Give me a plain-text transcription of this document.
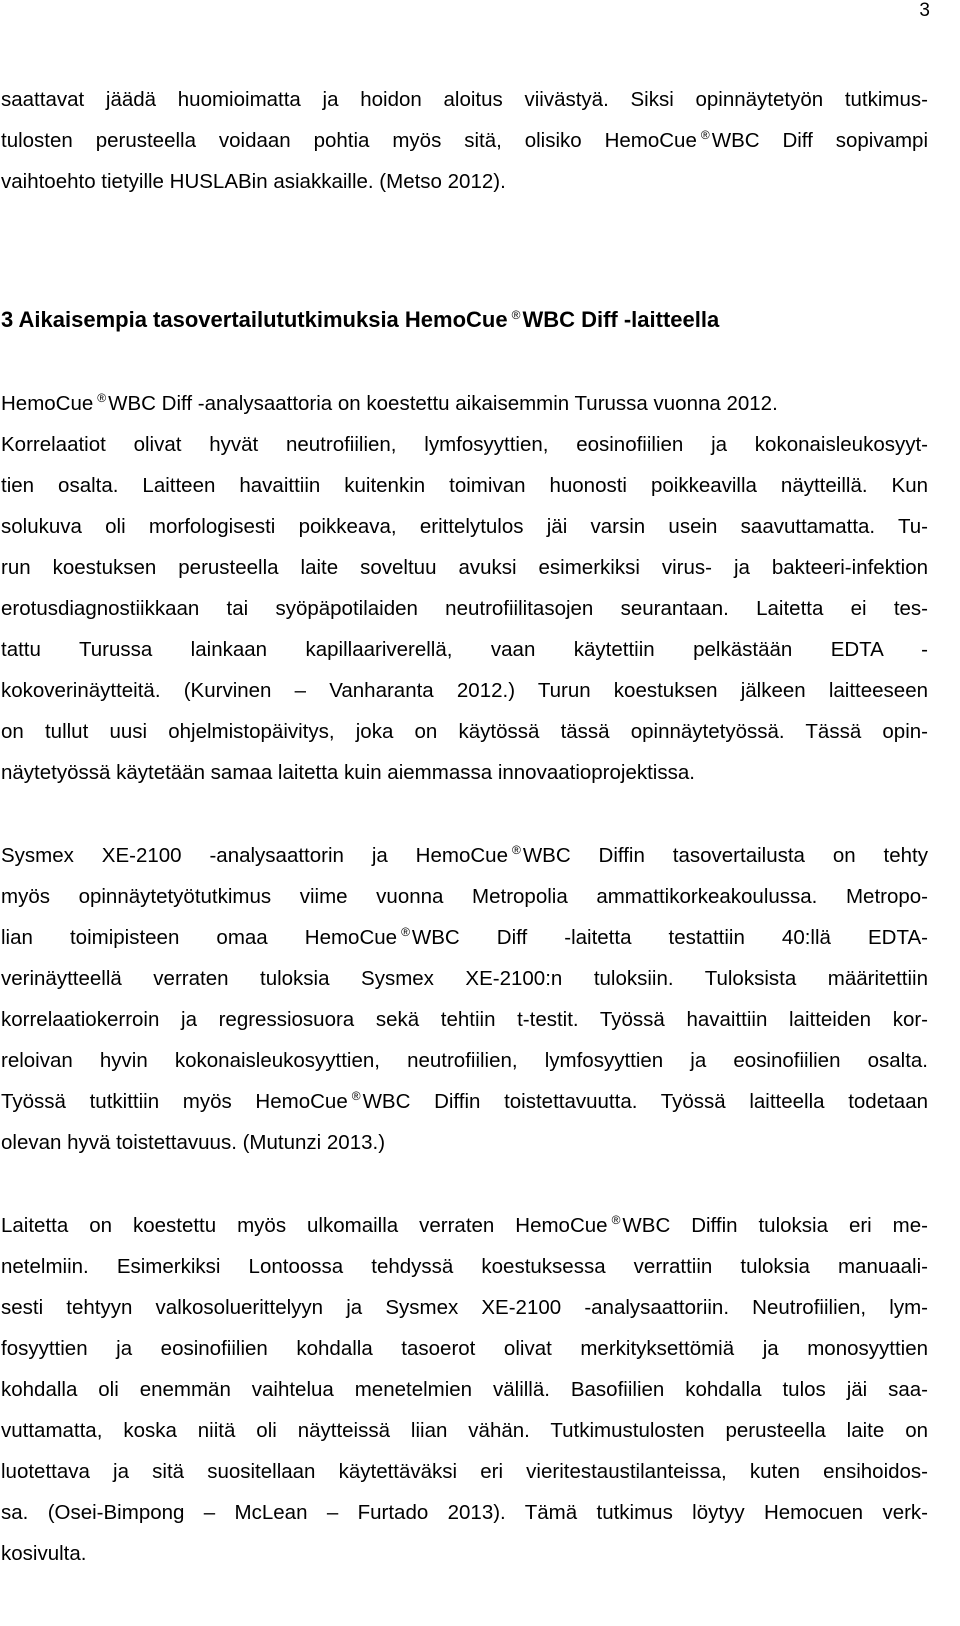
3
saattavat jäädä huomioimatta ja hoidon aloitus viivästyä. Siksi opinnäytetyön tutkimus-
tulosten perusteella voidaan pohtia myös sitä, olisiko HemoCue ®WBC Diff sopivampi
vaihtoehto tietyille HUSLABin asiakkaille. (Metso 2012).
3 Aikaisempia tasovertailututkimuksia HemoCue ®WBC Diff -laitteella
HemoCue ®WBC Diff -analysaattoria on koestettu aikaisemmin Turussa vuonna 2012.
Korrelaatiot olivat hyvät neutrofiilien, lymfosyyttien, eosinofiilien ja kokonaisleukosyyt-
tien osalta. Laitteen havaittiin kuitenkin toimivan huonosti poikkeavilla näytteillä. Kun
solukuva oli morfologisesti poikkeava, erittelytulos jäi varsin usein saavuttamatta. Tu-
run koestuksen perusteella laite soveltuu avuksi esimerkiksi virus- ja bakteeri-infektion
erotusdiagnostiikkaan tai syöpäpotilaiden neutrofiilitasojen seurantaan. Laitetta ei tes-
tattu Turussa lainkaan kapillaariverellä, vaan käytettiin pelkästään EDTA -
kokoverinäytteitä. (Kurvinen – Vanharanta 2012.) Turun koestuksen jälkeen laitteeseen
on tullut uusi ohjelmistopäivitys, joka on käytössä tässä opinnäytetyössä. Tässä opin-
näytetyössä käytetään samaa laitetta kuin aiemmassa innovaatioprojektissa.
Sysmex XE-2100 -analysaattorin ja HemoCue ®WBC Diffin tasovertailusta on tehty
myös opinnäytetyötutkimus viime vuonna Metropolia ammattikorkeakoulussa. Metropo-
lian toimipisteen omaa HemoCue ®WBC Diff -laitetta testattiin 40:llä EDTA-
verinäytteellä verraten tuloksia Sysmex XE-2100:n tuloksiin. Tuloksista määritettiin
korrelaatiokerroin ja regressiosuora sekä tehtiin t-testit. Työssä havaittiin laitteiden kor-
reloivan hyvin kokonaisleukosyyttien, neutrofiilien, lymfosyyttien ja eosinofiilien osalta.
Työssä tutkittiin myös HemoCue ®WBC Diffin toistettavuutta. Työssä laitteella todetaan
olevan hyvä toistettavuus. (Mutunzi 2013.)
Laitetta on koestettu myös ulkomailla verraten HemoCue ®WBC Diffin tuloksia eri me-
netelmiin. Esimerkiksi Lontoossa tehdyssä koestuksessa verrattiin tuloksia manuaali-
sesti tehtyyn valkosoluerittelyyn ja Sysmex XE-2100 -analysaattoriin. Neutrofiilien, lym-
fosyyttien ja eosinofiilien kohdalla tasoerot olivat merkityksettömiä ja monosyyttien
kohdalla oli enemmän vaihtelua menetelmien välillä. Basofiilien kohdalla tulos jäi saa-
vuttamatta, koska niitä oli näytteissä liian vähän. Tutkimustulosten perusteella laite on
luotettava ja sitä suositellaan käytettäväksi eri vieritestaustilanteissa, kuten ensihoidos-
sa. (Osei-Bimpong – McLean – Furtado 2013). Tämä tutkimus löytyy Hemocuen verk-
kosivulta.
